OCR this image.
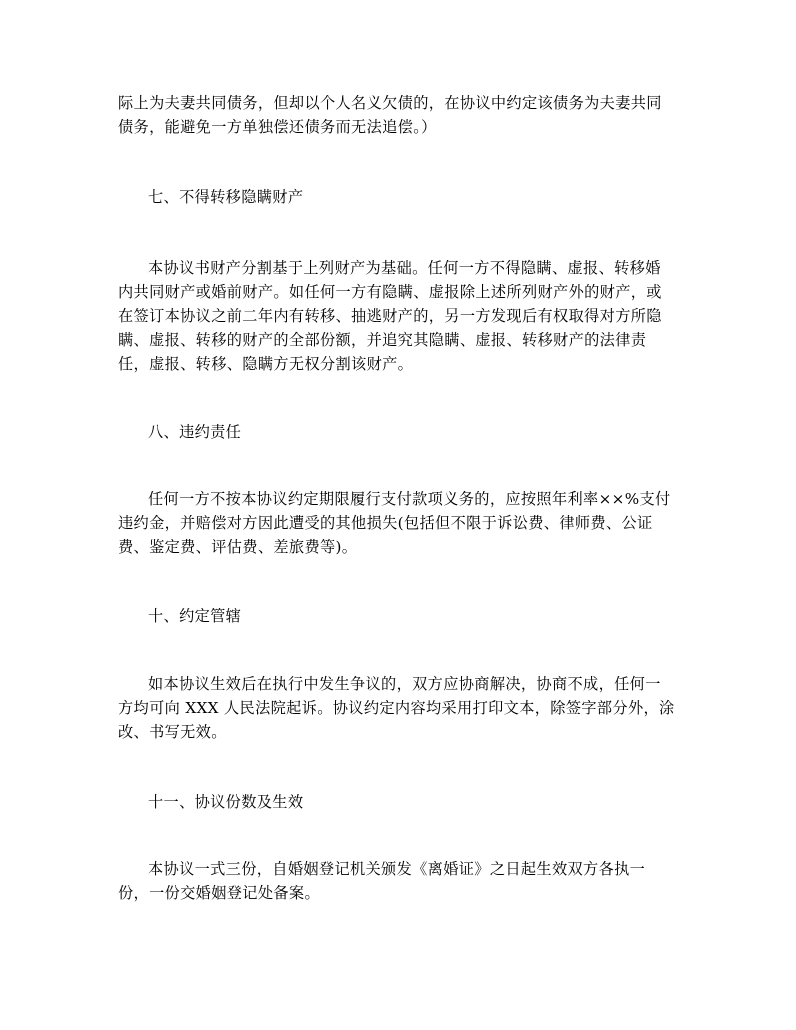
际上为夫妻共同债务，但却以个人名义欠债的，在协议中约定该债务为夫妻共同
债务，能避免一方单独偿还债务而无法追偿。）
七、不得转移隐瞒财产
本协议书财产分割基于上列财产为基础。任何一方不得隐瞒、虚报、转移婚
内共同财产或婚前财产。如任何一方有隐瞒、虚报除上述所列财产外的财产，或
在签订本协议之前二年内有转移、抽逃财产的，另一方发现后有权取得对方所隐
瞒、虚报、转移的财产的全部份额，并追究其隐瞒、虚报、转移财产的法律责
任，虚报、转移、隐瞒方无权分割该财产。
八、违约责任
任何一方不按本协议约定期限履行支付款项义务的，应按照年利率××%支付
违约金，并赔偿对方因此遭受的其他损失(包括但不限于诉讼费、律师费、公证
费、鉴定费、评估费、差旅费等)。
十、约定管辖
如本协议生效后在执行中发生争议的，双方应协商解决，协商不成，任何一
方均可向 XXX 人民法院起诉。协议约定内容均采用打印文本，除签字部分外，涂
改、书写无效。
十一、协议份数及生效
本协议一式三份，自婚姻登记机关颁发《离婚证》之日起生效双方各执一
份，一份交婚姻登记处备案。
